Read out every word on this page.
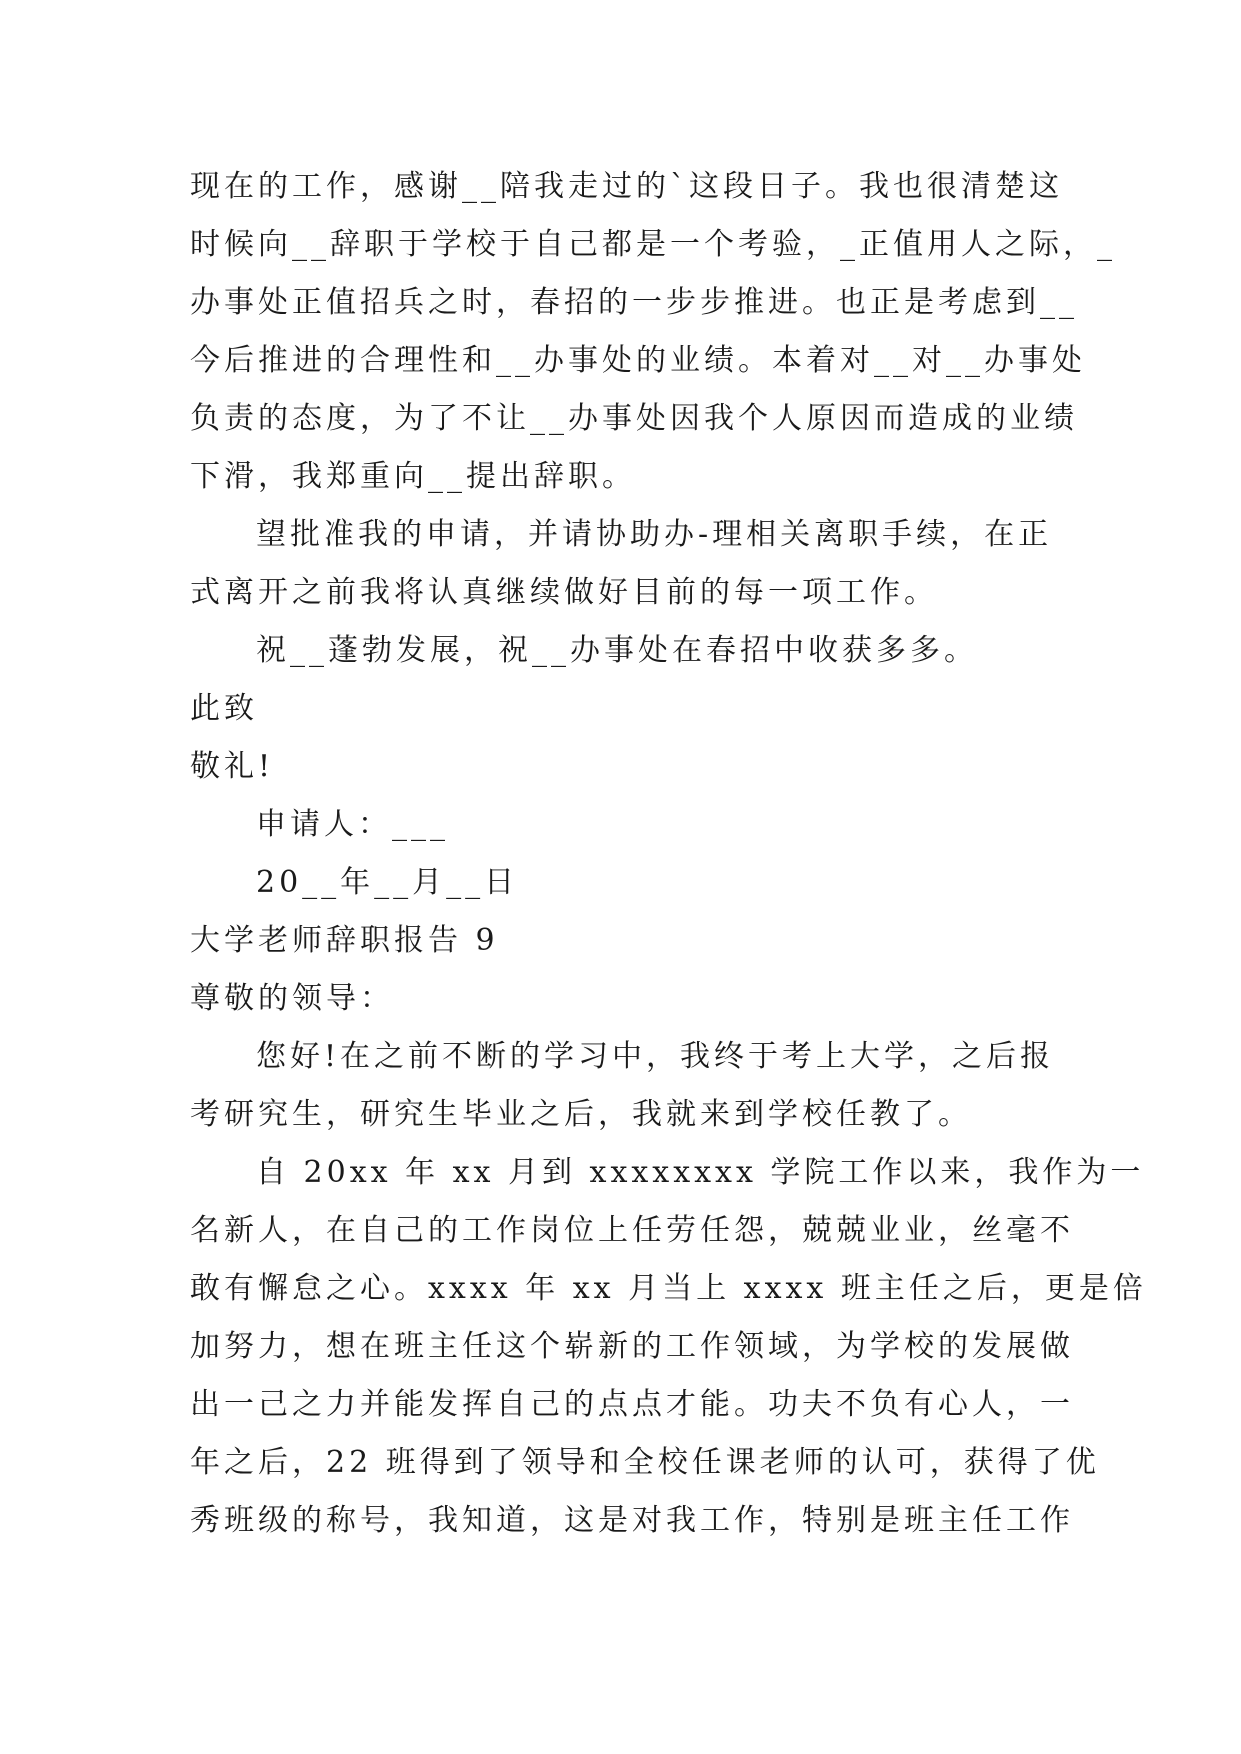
现在的工作，感谢__陪我走过的`这段日子。我也很清楚这
时候向__辞职于学校于自己都是一个考验，_正值用人之际，_
办事处正值招兵之时，春招的一步步推进。也正是考虑到__
今后推进的合理性和__办事处的业绩。本着对__对__办事处
负责的态度，为了不让__办事处因我个人原因而造成的业绩
下滑，我郑重向__提出辞职。
望批准我的申请，并请协助办-理相关离职手续，在正
式离开之前我将认真继续做好目前的每一项工作。
祝__蓬勃发展，祝__办事处在春招中收获多多。
此致
敬礼!
申请人：___
20__年__月__日
大学老师辞职报告 9
尊敬的领导：
您好!在之前不断的学习中，我终于考上大学，之后报
考研究生，研究生毕业之后，我就来到学校任教了。
自 20xx 年 xx 月到 xxxxxxxx 学院工作以来，我作为一
名新人，在自己的工作岗位上任劳任怨，兢兢业业，丝毫不
敢有懈怠之心。xxxx 年 xx 月当上 xxxx 班主任之后，更是倍
加努力，想在班主任这个崭新的工作领域，为学校的发展做
出一己之力并能发挥自己的点点才能。功夫不负有心人，一
年之后，22 班得到了领导和全校任课老师的认可，获得了优
秀班级的称号，我知道，这是对我工作，特别是班主任工作
